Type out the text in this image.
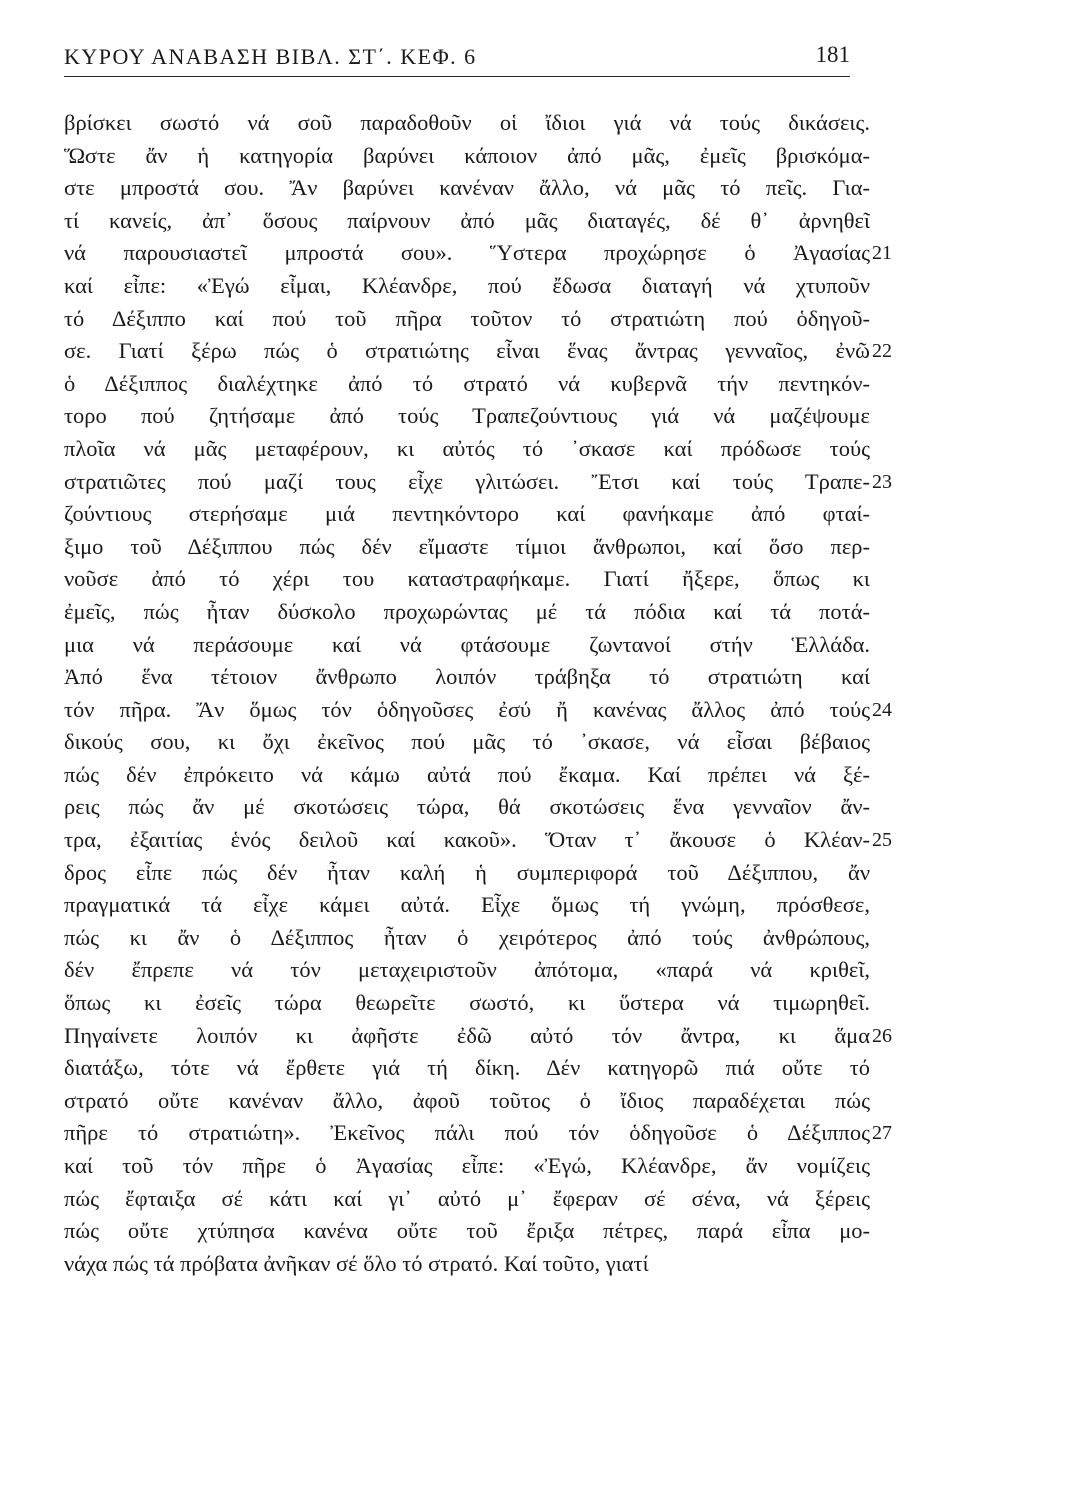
ΚΥΡΟΥ ΑΝΑΒΑΣΗ ΒΙΒΛ. ΣΤ΄. ΚΕΦ. 6	181
βρίσκει σωστό νά σοῦ παραδοθοῦν οἱ ἴδιοι γιά νά τούς δικάσεις.
Ὥστε ἄν ἡ κατηγορία βαρύνει κάποιον ἀπό μᾶς, ἐμεῖς βρισκόμα-
στε μπροστά σου. Ἄν βαρύνει κανέναν ἄλλο, νά μᾶς τό πεῖς. Για-
τί κανείς, ἀπ᾿ ὅσους παίρνουν ἀπό μᾶς διαταγές, δέ θ᾿ ἀρνηθεῖ
νά παρουσιαστεῖ μπροστά σου». Ὕστερα προχώρησε ὁ Ἀγασίας 21
καί εἶπε: «Ἐγώ εἶμαι, Κλέανδρε, πού ἔδωσα διαταγή νά χτυποῦν
τό Δέξιππο καί πού τοῦ πῆρα τοῦτον τό στρατιώτη πού ὁδηγοῦ-
σε. Γιατί ξέρω πώς ὁ στρατιώτης εἶναι ἕνας ἄντρας γενναῖος, ἐνῶ 22
ὁ Δέξιππος διαλέχτηκε ἀπό τό στρατό νά κυβερνᾶ τήν πεντηκόν-
τορο πού ζητήσαμε ἀπό τούς Τραπεζούντιους γιά νά μαζέψουμε
πλοῖα νά μᾶς μεταφέρουν, κι αὐτός τό ᾽σκασε καί πρόδωσε τούς
στρατιῶτες πού μαζί τους εἶχε γλιτώσει. Ἔτσι καί τούς Τραπε- 23
ζούντιους στερήσαμε μιά πεντηκόντορο καί φανήκαμε ἀπό φταί-
ξιμο τοῦ Δέξιππου πώς δέν εἴμαστε τίμιοι ἄνθρωποι, καί ὅσο περ-
νοῦσε ἀπό τό χέρι του καταστραφήκαμε. Γιατί ἤξερε, ὅπως κι
ἐμεῖς, πώς ἦταν δύσκολο προχωρώντας μέ τά πόδια καί τά ποτά-
μια νά περάσουμε καί νά φτάσουμε ζωντανοί στήν Ἑλλάδα.
Ἀπό ἕνα τέτοιον ἄνθρωπο λοιπόν τράβηξα τό στρατιώτη καί
τόν πῆρα. Ἄν ὅμως τόν ὁδηγοῦσες ἐσύ ἤ κανένας ἄλλος ἀπό τούς 24
δικούς σου, κι ὄχι ἐκεῖνος πού μᾶς τό ᾽σκασε, νά εἶσαι βέβαιος
πώς δέν ἐπρόκειτο νά κάμω αὐτά πού ἔκαμα. Καί πρέπει νά ξέ-
ρεις πώς ἄν μέ σκοτώσεις τώρα, θά σκοτώσεις ἕνα γενναῖον ἄν-
τρα, ἐξαιτίας ἑνός δειλοῦ καί κακοῦ». Ὅταν τ᾿ ἄκουσε ὁ Κλέαν- 25
δρος εἶπε πώς δέν ἦταν καλή ἡ συμπεριφορά τοῦ Δέξιππου, ἄν
πραγματικά τά εἶχε κάμει αὐτά. Εἶχε ὅμως τή γνώμη, πρόσθεσε,
πώς κι ἄν ὁ Δέξιππος ἦταν ὁ χειρότερος ἀπό τούς ἀνθρώπους,
δέν ἔπρεπε νά τόν μεταχειριστοῦν ἀπότομα, «παρά νά κριθεῖ,
ὅπως κι ἐσεῖς τώρα θεωρεῖτε σωστό, κι ὕστερα νά τιμωρηθεῖ.
Πηγαίνετε λοιπόν κι ἀφῆστε ἐδῶ αὐτό τόν ἄντρα, κι ἅμα 26
διατάξω, τότε νά ἔρθετε γιά τή δίκη. Δέν κατηγορῶ πιά οὔτε τό
στρατό οὔτε κανέναν ἄλλο, ἀφοῦ τοῦτος ὁ ἴδιος παραδέχεται πώς
πῆρε τό στρατιώτη». Ἐκεῖνος πάλι πού τόν ὁδηγοῦσε ὁ Δέξιππος 27
καί τοῦ τόν πῆρε ὁ Ἀγασίας εἶπε: «Ἐγώ, Κλέανδρε, ἄν νομίζεις
πώς ἔφταιξα σέ κάτι καί γι᾿ αὐτό μ᾿ ἔφεραν σέ σένα, νά ξέρεις
πώς οὔτε χτύπησα κανένα οὔτε τοῦ ἔριξα πέτρες, παρά εἶπα μο-
νάχα πώς τά πρόβατα ἀνῆκαν σέ ὅλο τό στρατό. Καί τοῦτο, γιατί
